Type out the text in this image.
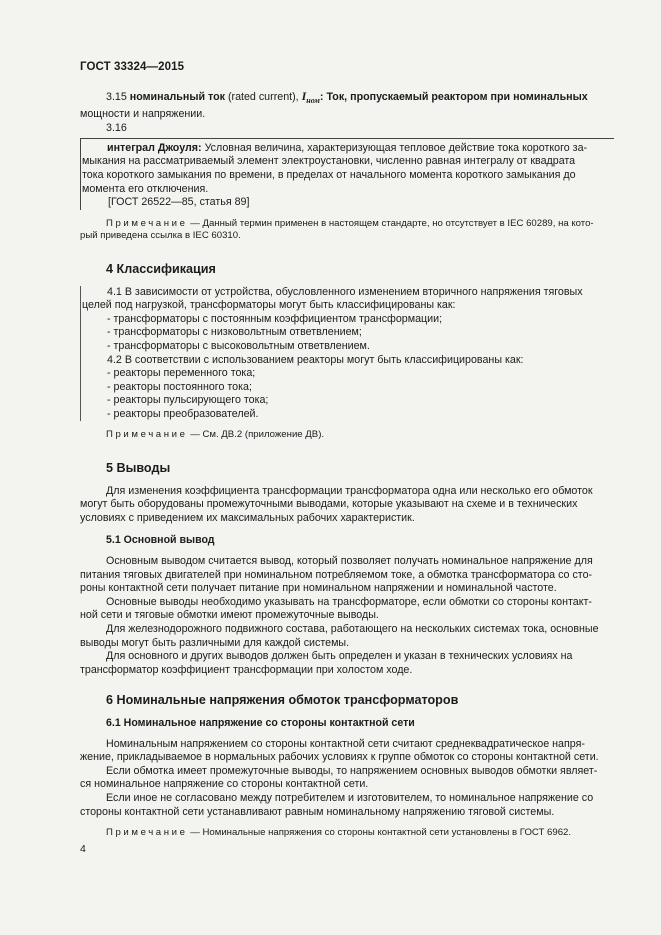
ГОСТ 33324—2015

3.15 номинальный ток (rated current), $I_{ном}$: Ток, пропускаемый реактором при номинальных

мощности и напряжении.

3.16

интеграл Джоуля: Условная величина, характеризующая тепловое действие тока короткого за-

мыкания на рассматриваемый элемент электроустановки, численно равная интегралу от квадрата

тока короткого замыкания по времени, в пределах от начального момента короткого замыкания до

момента его отключения.

[ГОСТ 26522—85, статья 89]

Примечание — Данный термин применен в настоящем стандарте, но отсутствует в IEC 60289, на кото-

рый приведена ссылка в IEC 60310.

4 Классификация

4.1 В зависимости от устройства, обусловленного изменением вторичного напряжения тяговых

целей под нагрузкой, трансформаторы могут быть классифицированы как:

- трансформаторы с постоянным коэффициентом трансформации;

- трансформаторы с низковольтным ответвлением;

- трансформаторы с высоковольтным ответвлением.

4.2 В соответствии с использованием реакторы могут быть классифицированы как:

- реакторы переменного тока;

- реакторы постоянного тока;

- реакторы пульсирующего тока;

- реакторы преобразователей.

Примечание — См. ДВ.2 (приложение ДВ).

5 Выводы

Для изменения коэффициента трансформации трансформатора одна или несколько его обмоток

могут быть оборудованы промежуточными выводами, которые указывают на схеме и в технических

условиях с приведением их максимальных рабочих характеристик.

5.1 Основной вывод

Основным выводом считается вывод, который позволяет получать номинальное напряжение для

питания тяговых двигателей при номинальном потребляемом токе, а обмотка трансформатора со сто-

роны контактной сети получает питание при номинальном напряжении и номинальной частоте.

Основные выводы необходимо указывать на трансформаторе, если обмотки со стороны контакт-

ной сети и тяговые обмотки имеют промежуточные выводы.

Для железнодорожного подвижного состава, работающего на нескольких системах тока, основные

выводы могут быть различными для каждой системы.

Для основного и других выводов должен быть определен и указан в технических условиях на

трансформатор коэффициент трансформации при холостом ходе.

6 Номинальные напряжения обмоток трансформаторов

6.1 Номинальное напряжение со стороны контактной сети

Номинальным напряжением со стороны контактной сети считают среднеквадратическое напря-

жение, прикладываемое в нормальных рабочих условиях к группе обмоток со стороны контактной сети.

Если обмотка имеет промежуточные выводы, то напряжением основных выводов обмотки являет-

ся номинальное напряжение со стороны контактной сети.

Если иное не согласовано между потребителем и изготовителем, то номинальное напряжение со

стороны контактной сети устанавливают равным номинальному напряжению тяговой системы.

Примечание — Номинальные напряжения со стороны контактной сети установлены в ГОСТ 6962.

4
